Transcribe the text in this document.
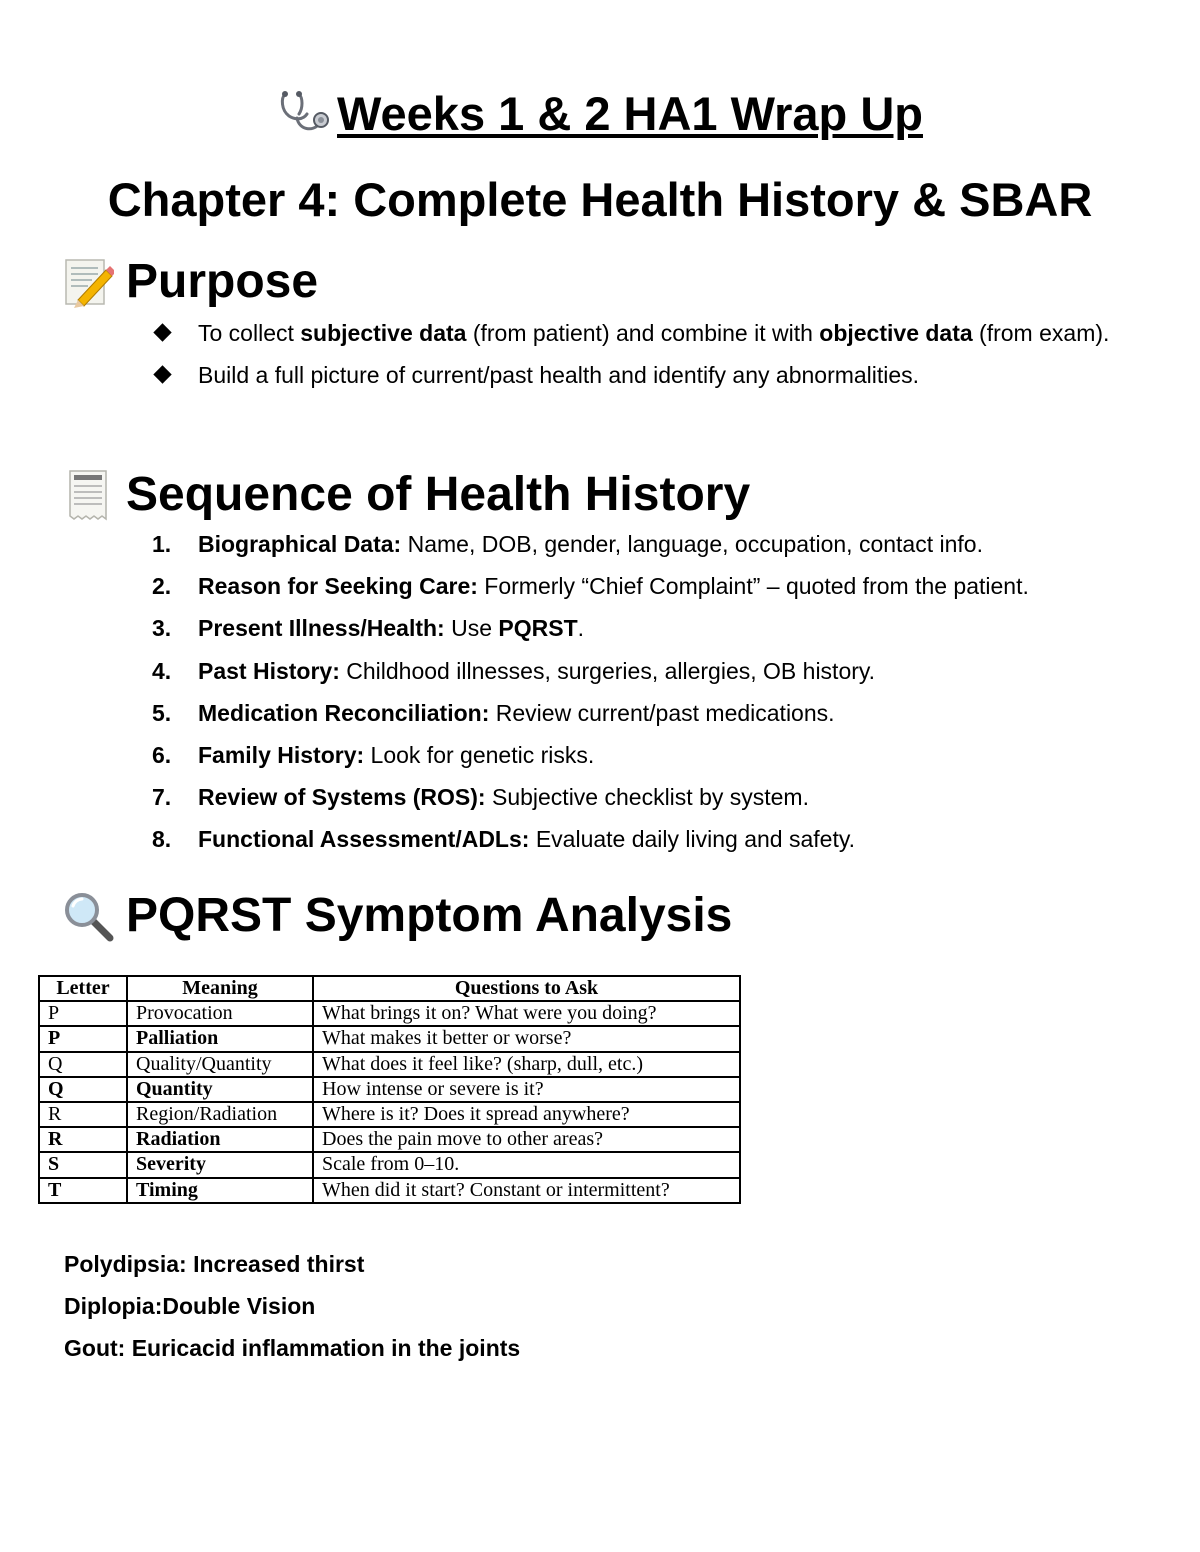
Weeks 1 & 2 HA1 Wrap Up
Chapter 4: Complete Health History & SBAR
Purpose
To collect subjective data (from patient) and combine it with objective data (from exam).
Build a full picture of current/past health and identify any abnormalities.
Sequence of Health History
1. Biographical Data: Name, DOB, gender, language, occupation, contact info.
2. Reason for Seeking Care: Formerly “Chief Complaint” – quoted from the patient.
3. Present Illness/Health: Use PQRST.
4. Past History: Childhood illnesses, surgeries, allergies, OB history.
5. Medication Reconciliation: Review current/past medications.
6. Family History: Look for genetic risks.
7. Review of Systems (ROS): Subjective checklist by system.
8. Functional Assessment/ADLs: Evaluate daily living and safety.
PQRST Symptom Analysis
Letter	Meaning	Questions to Ask
P	Provocation	What brings it on? What were you doing?
P	Palliation	What makes it better or worse?
Q	Quality/Quantity	What does it feel like? (sharp, dull, etc.)
Q	Quantity	How intense or severe is it?
R	Region/Radiation	Where is it? Does it spread anywhere?
R	Radiation	Does the pain move to other areas?
S	Severity	Scale from 0–10.
T	Timing	When did it start? Constant or intermittent?
Polydipsia: Increased thirst
Diplopia:Double Vision
Gout: Euricacid inflammation in the joints
